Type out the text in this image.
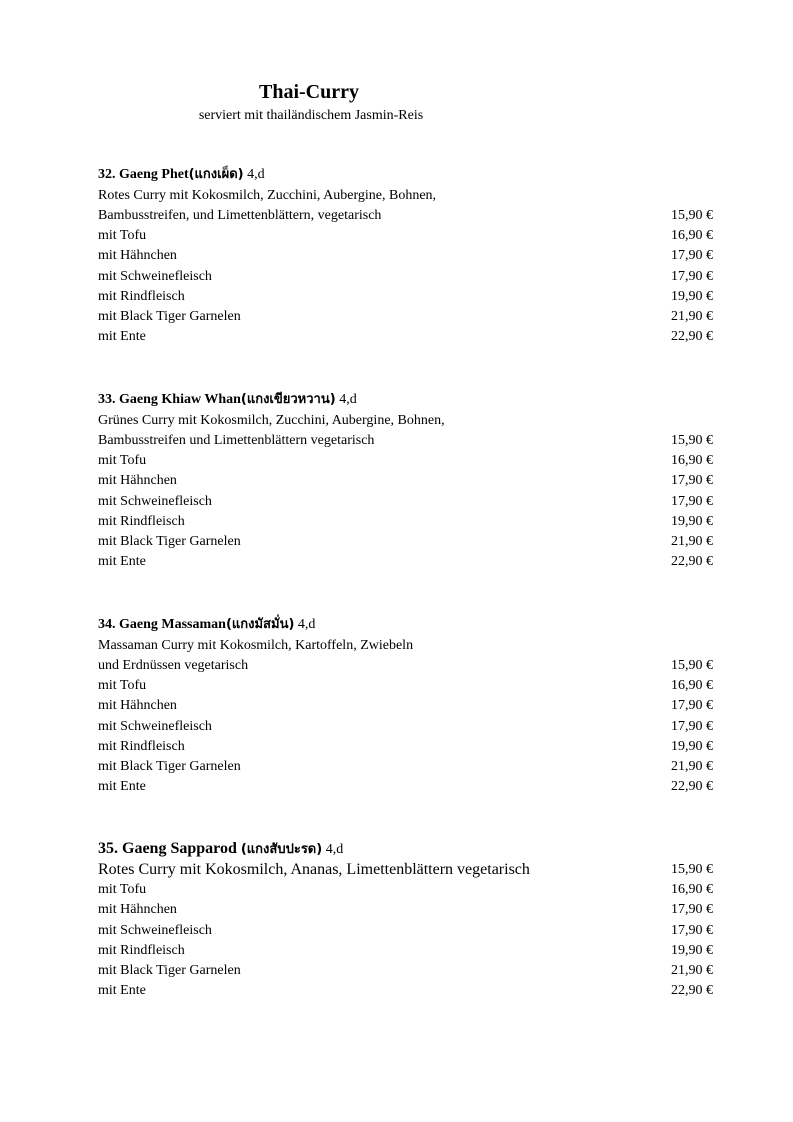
Thai-Curry
serviert mit thailändischem Jasmin-Reis
32. Gaeng Phet(แกงเผ็ด) 4,d
Rotes Curry mit Kokosmilch, Zucchini, Aubergine, Bohnen,
Bambusstreifen, und Limettenblättern, vegetarisch	15,90 €
mit Tofu	16,90 €
mit Hähnchen	17,90 €
mit Schweinefleisch	17,90 €
mit Rindfleisch	19,90 €
mit Black Tiger Garnelen	21,90 €
mit Ente	22,90 €
33. Gaeng Khiaw Whan(แกงเขียวหวาน) 4,d
Grünes Curry mit Kokosmilch, Zucchini, Aubergine, Bohnen,
Bambusstreifen und Limettenblättern vegetarisch	15,90 €
mit Tofu	16,90 €
mit Hähnchen	17,90 €
mit Schweinefleisch	17,90 €
mit Rindfleisch	19,90 €
mit Black Tiger Garnelen	21,90 €
mit Ente	22,90 €
34. Gaeng Massaman(แกงมัสมั่น) 4,d
Massaman Curry mit Kokosmilch, Kartoffeln, Zwiebeln
und Erdnüssen vegetarisch	15,90 €
mit Tofu	16,90 €
mit Hähnchen	17,90 €
mit Schweinefleisch	17,90 €
mit Rindfleisch	19,90 €
mit Black Tiger Garnelen	21,90 €
mit Ente	22,90 €
35. Gaeng Sapparod (แกงสับปะรด) 4,d
Rotes Curry mit Kokosmilch, Ananas, Limettenblättern vegetarisch	15,90 €
mit Tofu	16,90 €
mit Hähnchen	17,90 €
mit Schweinefleisch	17,90 €
mit Rindfleisch	19,90 €
mit Black Tiger Garnelen	21,90 €
mit Ente	22,90 €
